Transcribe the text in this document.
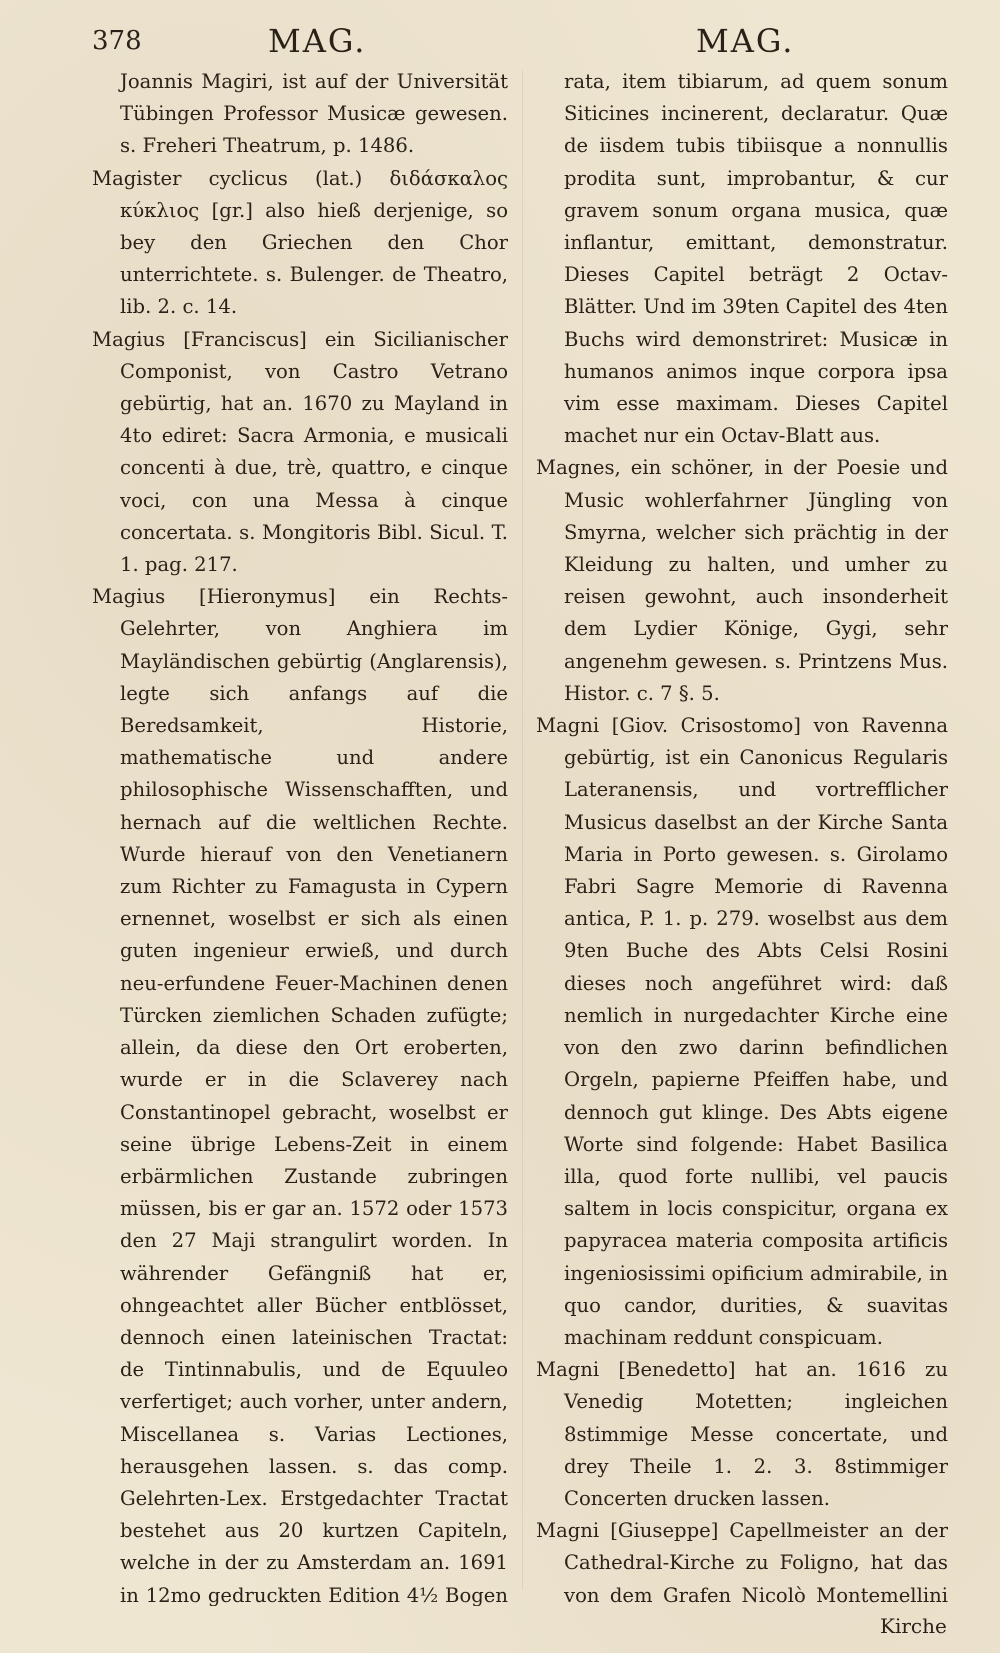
378	MAG.	MAG.

Joannis Magiri, ist auf der Universität Tübingen Professor Musicæ gewesen. s. Freheri Theatrum, p. 1486.

Magister cyclicus (lat.) διδάσκαλος κύκλιος [gr.] also hieß derjenige, so bey den Griechen den Chor unterrichtete. s. Bulenger. de Theatro, lib. 2. c. 14.

Magius [Franciscus] ein Sicilianischer Componist, von Castro Vetrano gebürtig, hat an. 1670 zu Mayland in 4to ediret: Sacra Armonia, e musicali concenti à due, trè, quattro, e cinque voci, con una Messa à cinque concertata. s. Mongitoris Bibl. Sicul. T. 1. pag. 217.

Magius [Hieronymus] ein Rechts-Gelehrter, von Anghiera im Mayländischen gebürtig (Anglarensis), legte sich anfangs auf die Beredsamkeit, Historie, mathematische und andere philosophische Wissenschafften, und hernach auf die weltlichen Rechte. Wurde hierauf von den Venetianern zum Richter zu Famagusta in Cypern ernennet, woselbst er sich als einen guten ingenieur erwieß, und durch neu-erfundene Feuer-Machinen denen Türcken ziemlichen Schaden zufügte; allein, da diese den Ort eroberten, wurde er in die Sclaverey nach Constantinopel gebracht, woselbst er seine übrige Lebens-Zeit in einem erbärmlichen Zustande zubringen müssen, bis er gar an. 1572 oder 1573 den 27 Maji strangulirt worden. In währender Gefängniß hat er, ohngeachtet aller Bücher entblösset, dennoch einen lateinischen Tractat: de Tintinnabulis, und de Equuleo verfertiget; auch vorher, unter andern, Miscellanea s. Varias Lectiones, herausgehen lassen. s. das comp. Gelehrten-Lex. Erstgedachter Tractat bestehet aus 20 kurtzen Capiteln, welche in der zu Amsterdam an. 1691 in 12mo gedruckten Edition 4½ Bogen

rata, item tibiarum, ad quem sonum Siticines incinerent, declaratur. Quæ de iisdem tubis tibiisque a nonnullis prodita sunt, improbantur, & cur gravem sonum organa musica, quæ inflantur, emittant, demonstratur. Dieses Capitel beträgt 2 Octav-Blätter. Und im 39ten Capitel des 4ten Buchs wird demonstriret: Musicæ in humanos animos inque corpora ipsa vim esse maximam. Dieses Capitel machet nur ein Octav-Blatt aus.

Magnes, ein schöner, in der Poesie und Music wohlerfahrner Jüngling von Smyrna, welcher sich prächtig in der Kleidung zu halten, und umher zu reisen gewohnt, auch insonderheit dem Lydier Könige, Gygi, sehr angenehm gewesen. s. Printzens Mus. Histor. c. 7 §. 5.

Magni [Giov. Crisostomo] von Ravenna gebürtig, ist ein Canonicus Regularis Lateranensis, und vortrefflicher Musicus daselbst an der Kirche Santa Maria in Porto gewesen. s. Girolamo Fabri Sagre Memorie di Ravenna antica, P. 1. p. 279. woselbst aus dem 9ten Buche des Abts Celsi Rosini dieses noch angeführet wird: daß nemlich in nurgedachter Kirche eine von den zwo darinn befindlichen Orgeln, papierne Pfeiffen habe, und dennoch gut klinge. Des Abts eigene Worte sind folgende: Habet Basilica illa, quod forte nullibi, vel paucis saltem in locis conspicitur, organa ex papyracea materia composita artificis ingeniosissimi opificium admirabile, in quo candor, durities, & suavitas machinam reddunt conspicuam.

Magni [Benedetto] hat an. 1616 zu Venedig Motetten; ingleichen 8stimmige Messe concertate, und drey Theile 1. 2. 3. 8stimmiger Concerten drucken lassen.

Magni [Giuseppe] Capellmeister an der Cathedral-Kirche zu Foligno, hat das von dem Grafen Nicolò Montemellini

Kirche
